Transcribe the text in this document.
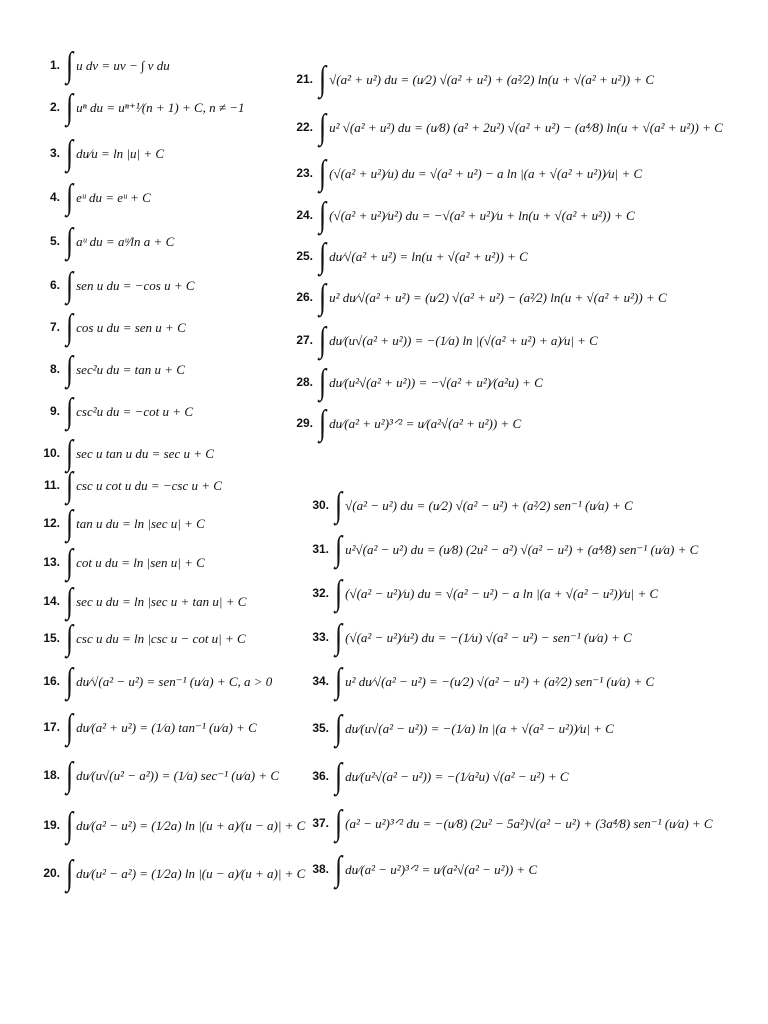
1. ∫ u dv = uv − ∫ v du
2. ∫ uⁿ du = uⁿ⁺¹⁄(n + 1) + C, n ≠ −1
3. ∫ du⁄u = ln |u| + C
4. ∫ eᵘ du = eᵘ + C
5. ∫ aᵘ du = aᵘ⁄ln a + C
6. ∫ sen u du = −cos u + C
7. ∫ cos u du = sen u + C
8. ∫ sec²u du = tan u + C
9. ∫ csc²u du = −cot u + C
10. ∫ sec u tan u du = sec u + C
11. ∫ csc u cot u du = −csc u + C
12. ∫ tan u du = ln |sec u| + C
13. ∫ cot u du = ln |sen u| + C
14. ∫ sec u du = ln |sec u + tan u| + C
15. ∫ csc u du = ln |csc u − cot u| + C
16. ∫ du⁄√(a² − u²) = sen⁻¹ (u⁄a) + C, a > 0
17. ∫ du⁄(a² + u²) = (1⁄a) tan⁻¹ (u⁄a) + C
18. ∫ du⁄(u√(u² − a²)) = (1⁄a) sec⁻¹ (u⁄a) + C
19. ∫ du⁄(a² − u²) = (1⁄2a) ln |(u + a)⁄(u − a)| + C
20. ∫ du⁄(u² − a²) = (1⁄2a) ln |(u − a)⁄(u + a)| + C
21. ∫ √(a² + u²) du = (u⁄2) √(a² + u²) + (a²⁄2) ln(u + √(a² + u²)) + C
22. ∫ u² √(a² + u²) du = (u⁄8) (a² + 2u²) √(a² + u²) − (a⁴⁄8) ln(u + √(a² + u²)) + C
23. ∫ (√(a² + u²)⁄u) du = √(a² + u²) − a ln |(a + √(a² + u²))⁄u| + C
24. ∫ (√(a² + u²)⁄u²) du = −√(a² + u²)⁄u + ln(u + √(a² + u²)) + C
25. ∫ du⁄√(a² + u²) = ln(u + √(a² + u²)) + C
26. ∫ u² du⁄√(a² + u²) = (u⁄2) √(a² + u²) − (a²⁄2) ln(u + √(a² + u²)) + C
27. ∫ du⁄(u√(a² + u²)) = −(1⁄a) ln |(√(a² + u²) + a)⁄u| + C
28. ∫ du⁄(u²√(a² + u²)) = −√(a² + u²)⁄(a²u) + C
29. ∫ du⁄(a² + u²)³ᐟ² = u⁄(a²√(a² + u²)) + C
30. ∫ √(a² − u²) du = (u⁄2) √(a² − u²) + (a²⁄2) sen⁻¹ (u⁄a) + C
31. ∫ u²√(a² − u²) du = (u⁄8) (2u² − a²) √(a² − u²) + (a⁴⁄8) sen⁻¹ (u⁄a) + C
32. ∫ (√(a² − u²)⁄u) du = √(a² − u²) − a ln |(a + √(a² − u²))⁄u| + C
33. ∫ (√(a² − u²)⁄u²) du = −(1⁄u) √(a² − u²) − sen⁻¹ (u⁄a) + C
34. ∫ u² du⁄√(a² − u²) = −(u⁄2) √(a² − u²) + (a²⁄2) sen⁻¹ (u⁄a) + C
35. ∫ du⁄(u√(a² − u²)) = −(1⁄a) ln |(a + √(a² − u²))⁄u| + C
36. ∫ du⁄(u²√(a² − u²)) = −(1⁄a²u) √(a² − u²) + C
37. ∫ (a² − u²)³ᐟ² du = −(u⁄8) (2u² − 5a²)√(a² − u²) + (3a⁴⁄8) sen⁻¹ (u⁄a) + C
38. ∫ du⁄(a² − u²)³ᐟ² = u⁄(a²√(a² − u²)) + C
